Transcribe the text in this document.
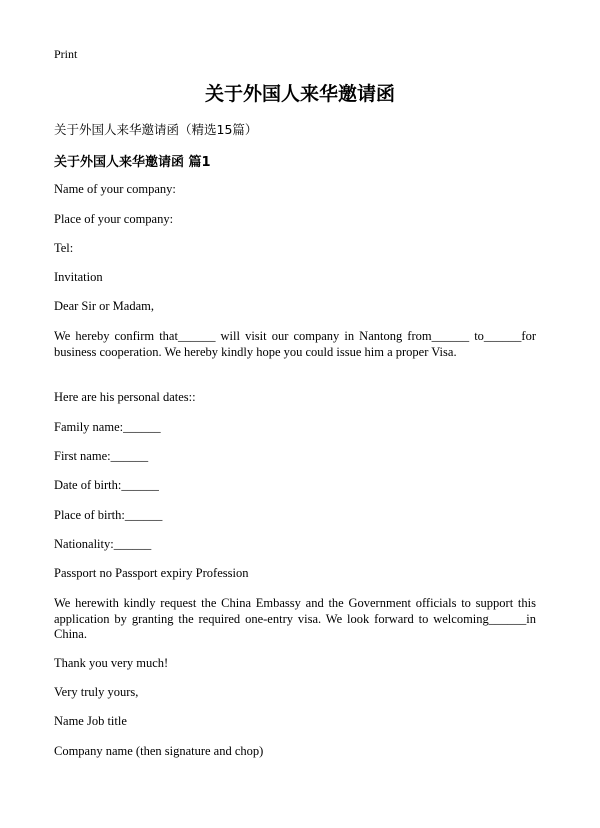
Print
关于外国人来华邀请函

关于外国人来华邀请函（精选15篇）

关于外国人来华邀请函 篇1

Name of your company:

Place of your company:

Tel:

Invitation

Dear Sir or Madam,

We hereby confirm that______ will visit our company in Nantong from______ to______for business cooperation. We hereby kindly hope you could issue him a proper Visa.

Here are his personal dates::

Family name:______

First name:______

Date of birth:______

Place of birth:______

Nationality:______

Passport no Passport expiry Profession

We herewith kindly request the China Embassy and the Government officials to support this application by granting the required one-entry visa. We look forward to welcoming______in China.

Thank you very much!

Very truly yours,

Name Job title

Company name (then signature and chop)
